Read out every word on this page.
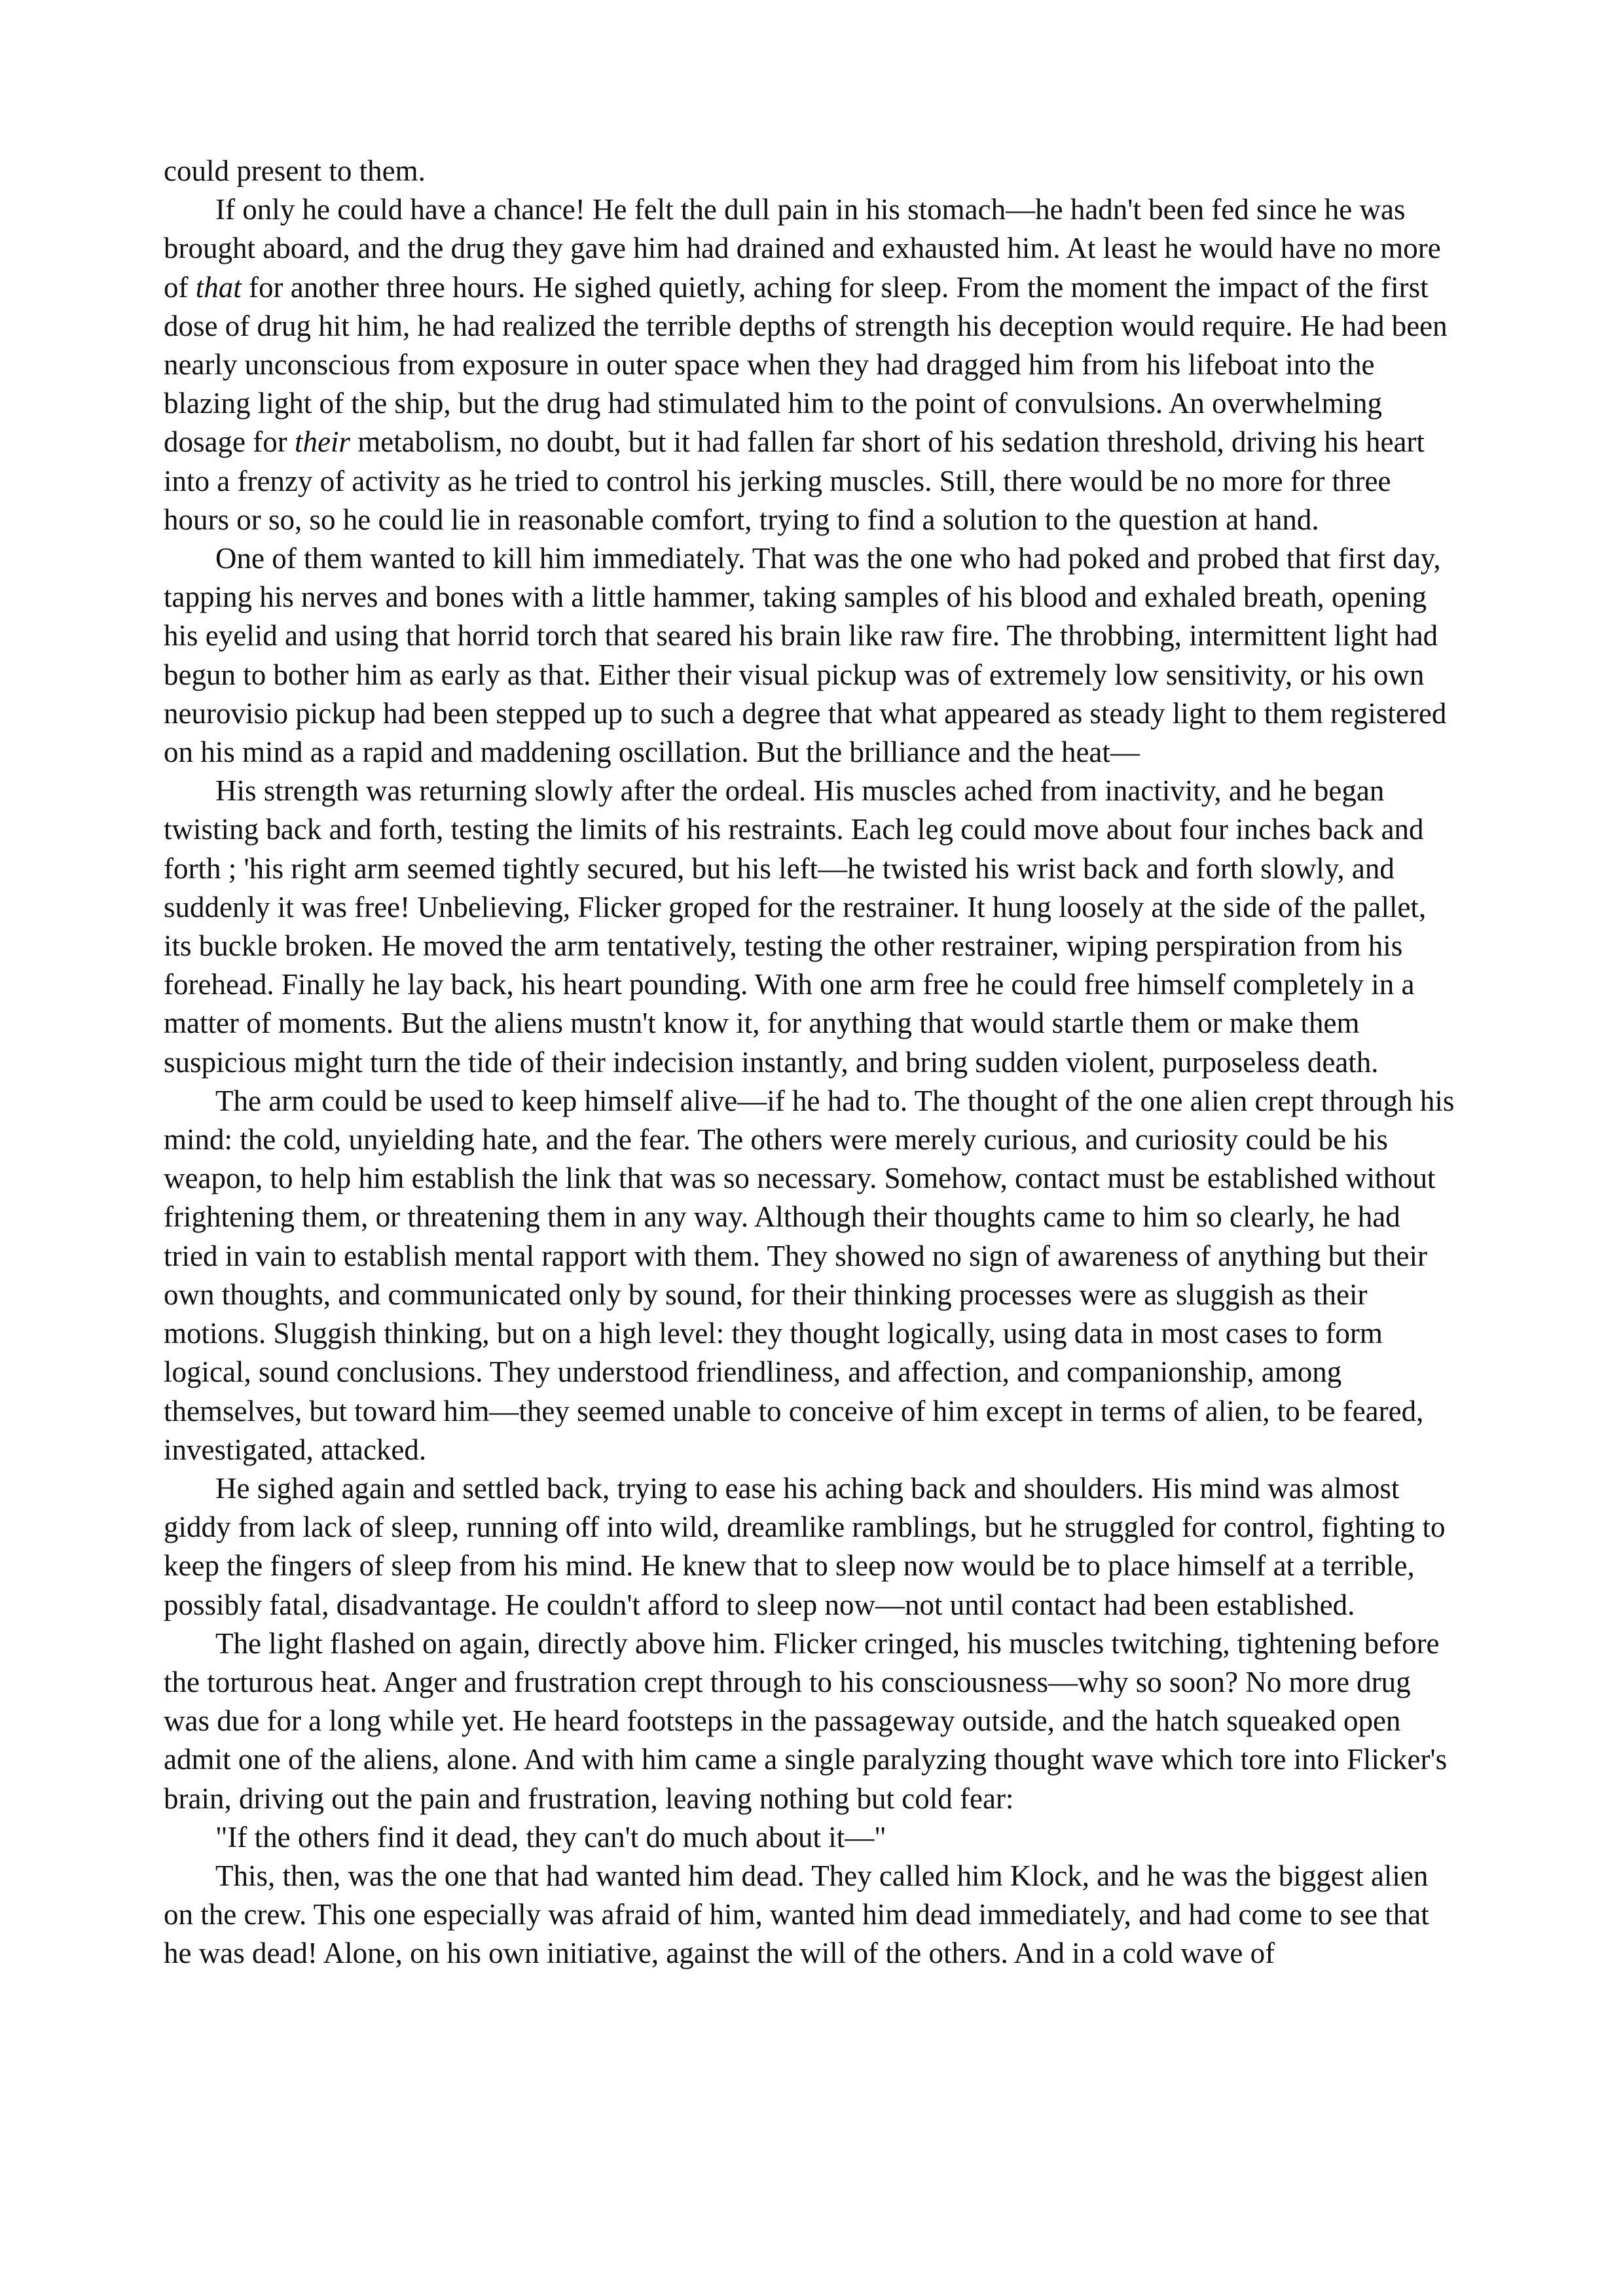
could present to them.

If only he could have a chance! He felt the dull pain in his stomach—he hadn't been fed since he was brought aboard, and the drug they gave him had drained and exhausted him. At least he would have no more of that for another three hours. He sighed quietly, aching for sleep. From the moment the impact of the first dose of drug hit him, he had realized the terrible depths of strength his deception would require. He had been nearly unconscious from exposure in outer space when they had dragged him from his lifeboat into the blazing light of the ship, but the drug had stimulated him to the point of convulsions. An overwhelming dosage for their metabolism, no doubt, but it had fallen far short of his sedation threshold, driving his heart into a frenzy of activity as he tried to control his jerking muscles. Still, there would be no more for three hours or so, so he could lie in reasonable comfort, trying to find a solution to the question at hand.

One of them wanted to kill him immediately. That was the one who had poked and probed that first day, tapping his nerves and bones with a little hammer, taking samples of his blood and exhaled breath, opening his eyelid and using that horrid torch that seared his brain like raw fire. The throbbing, intermittent light had begun to bother him as early as that. Either their visual pickup was of extremely low sensitivity, or his own neurovisio pickup had been stepped up to such a degree that what appeared as steady light to them registered on his mind as a rapid and maddening oscillation. But the brilliance and the heat—

His strength was returning slowly after the ordeal. His muscles ached from inactivity, and he began twisting back and forth, testing the limits of his restraints. Each leg could move about four inches back and forth ; 'his right arm seemed tightly secured, but his left—he twisted his wrist back and forth slowly, and suddenly it was free! Unbelieving, Flicker groped for the restrainer. It hung loosely at the side of the pallet, its buckle broken. He moved the arm tentatively, testing the other restrainer, wiping perspiration from his forehead. Finally he lay back, his heart pounding. With one arm free he could free himself completely in a matter of moments. But the aliens mustn't know it, for anything that would startle them or make them suspicious might turn the tide of their indecision instantly, and bring sudden violent, purposeless death.

The arm could be used to keep himself alive—if he had to. The thought of the one alien crept through his mind: the cold, unyielding hate, and the fear. The others were merely curious, and curiosity could be his weapon, to help him establish the link that was so necessary. Somehow, contact must be established without frightening them, or threatening them in any way. Although their thoughts came to him so clearly, he had tried in vain to establish mental rapport with them. They showed no sign of awareness of anything but their own thoughts, and communicated only by sound, for their thinking processes were as sluggish as their motions. Sluggish thinking, but on a high level: they thought logically, using data in most cases to form logical, sound conclusions. They understood friendliness, and affection, and companionship, among themselves, but toward him—they seemed unable to conceive of him except in terms of alien, to be feared, investigated, attacked.

He sighed again and settled back, trying to ease his aching back and shoulders. His mind was almost giddy from lack of sleep, running off into wild, dreamlike ramblings, but he struggled for control, fighting to keep the fingers of sleep from his mind. He knew that to sleep now would be to place himself at a terrible, possibly fatal, disadvantage. He couldn't afford to sleep now—not until contact had been established.

The light flashed on again, directly above him. Flicker cringed, his muscles twitching, tightening before the torturous heat. Anger and frustration crept through to his consciousness—why so soon? No more drug was due for a long while yet. He heard footsteps in the passageway outside, and the hatch squeaked open admit one of the aliens, alone. And with him came a single paralyzing thought wave which tore into Flicker's brain, driving out the pain and frustration, leaving nothing but cold fear:

"If the others find it dead, they can't do much about it—"

This, then, was the one that had wanted him dead. They called him Klock, and he was the biggest alien on the crew. This one especially was afraid of him, wanted him dead immediately, and had come to see that he was dead! Alone, on his own initiative, against the will of the others. And in a cold wave of
